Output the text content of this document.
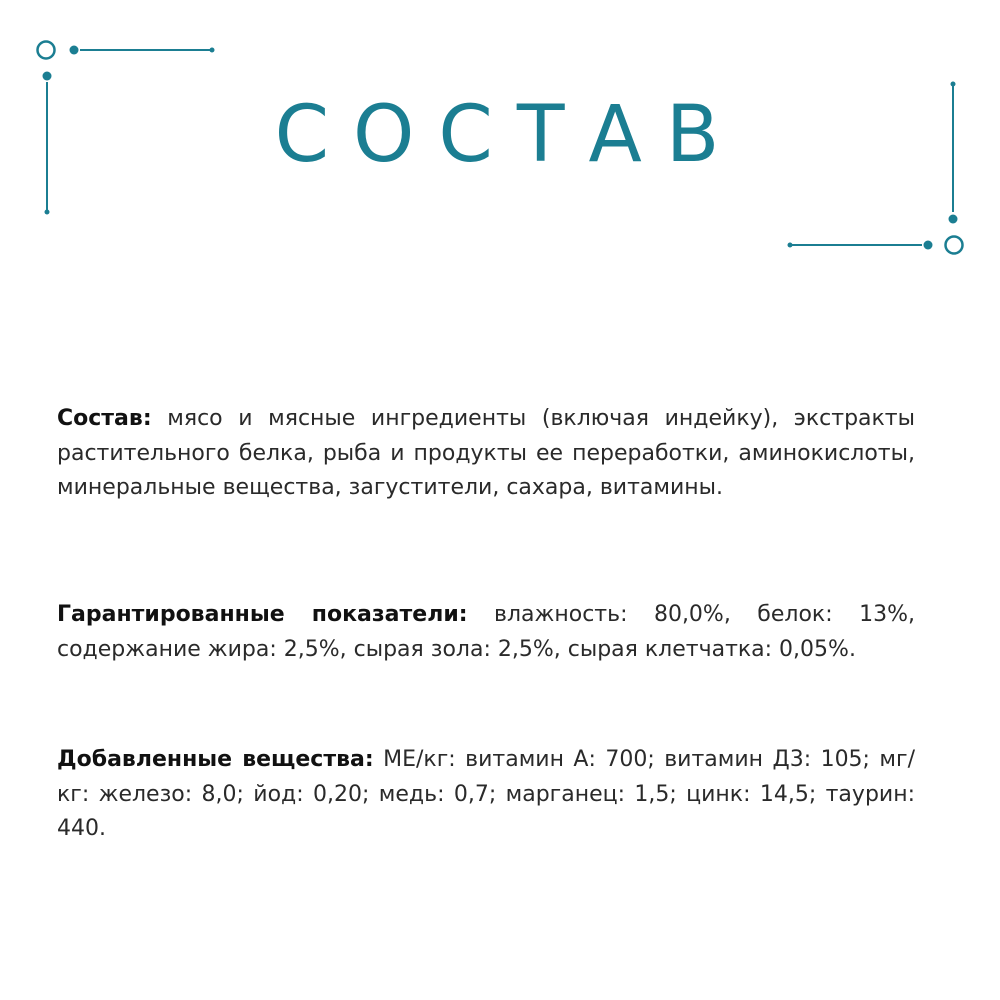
СОСТАВ
Состав: мясо и мясные ингредиенты (включая индейку), экстракты растительного белка, рыба и продукты ее переработки, аминокислоты, минеральные вещества, загустители, сахара, витамины.
Гарантированные показатели: влажность: 80,0%, белок: 13%, содержание жира: 2,5%, сырая зола: 2,5%, сырая клетчатка: 0,05%.
Добавленные вещества: МЕ/кг: витамин А: 700; витамин Д3: 105; мг/кг: железо: 8,0; йод: 0,20; медь: 0,7; марганец: 1,5; цинк: 14,5; таурин: 440.
